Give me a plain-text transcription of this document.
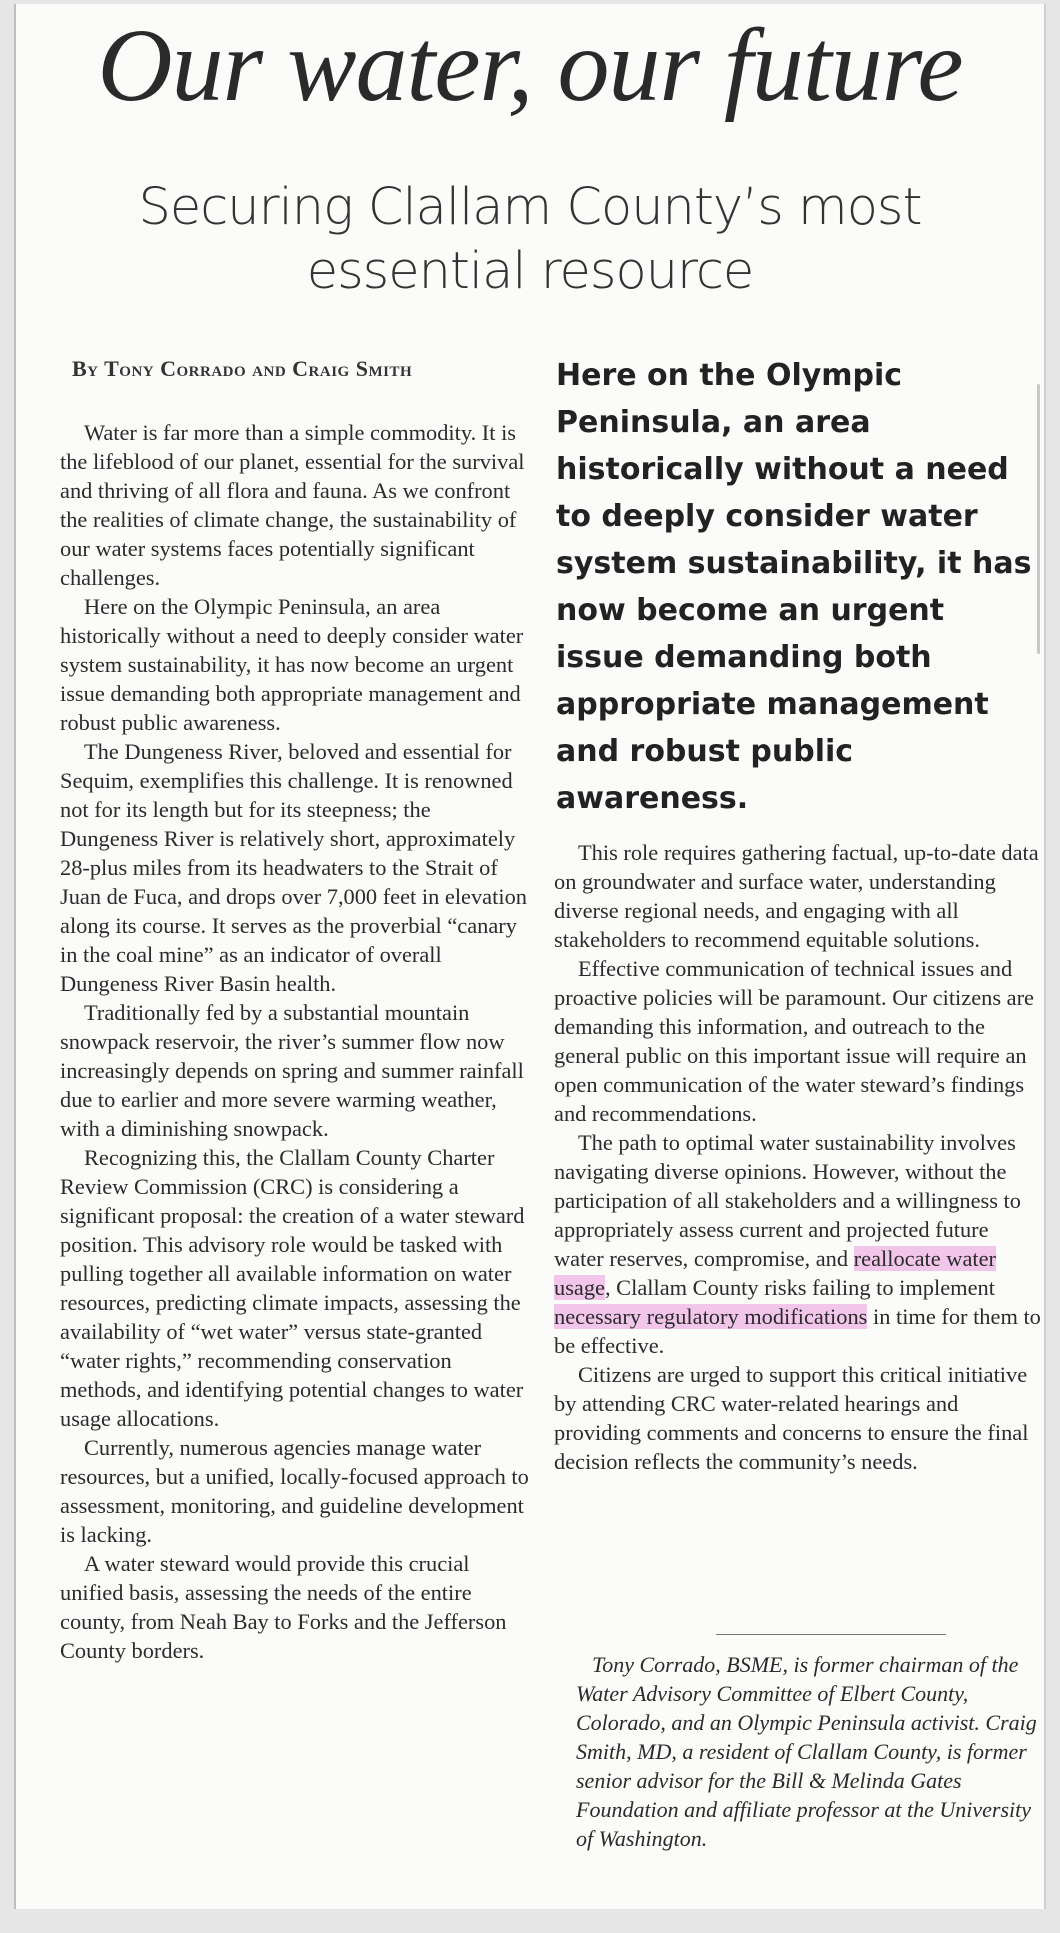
Our water, our future
Securing Clallam County’s most essential resource
By Tony Corrado and Craig Smith

Water is far more than a simple commodity. It is the lifeblood of our planet, essential for the survival and thriving of all flora and fauna. As we confront the realities of climate change, the sustainability of our water systems faces potentially significant challenges.

Here on the Olympic Peninsula, an area historically without a need to deeply consider water system sustainability, it has now become an urgent issue demanding both appropriate management and robust public awareness.

The Dungeness River, beloved and essential for Sequim, exemplifies this challenge. It is renowned not for its length but for its steepness; the Dungeness River is relatively short, approximately 28-plus miles from its headwaters to the Strait of Juan de Fuca, and drops over 7,000 feet in elevation along its course. It serves as the proverbial “canary in the coal mine” as an indicator of overall Dungeness River Basin health.

Traditionally fed by a substantial mountain snowpack reservoir, the river’s summer flow now increasingly depends on spring and summer rainfall due to earlier and more severe warming weather, with a diminishing snowpack.

Recognizing this, the Clallam County Charter Review Commission (CRC) is considering a significant proposal: the creation of a water steward position. This advisory role would be tasked with pulling together all available information on water resources, predicting climate impacts, assessing the availability of “wet water” versus state-granted “water rights,” recommending conservation methods, and identifying potential changes to water usage allocations.

Currently, numerous agencies manage water resources, but a unified, locally-focused approach to assessment, monitoring, and guideline development is lacking.

A water steward would provide this crucial unified basis, assessing the needs of the entire county, from Neah Bay to Forks and the Jefferson County borders.

Here on the Olympic Peninsula, an area historically without a need to deeply consider water system sustainability, it has now become an urgent issue demanding both appropriate management and robust public awareness.

This role requires gathering factual, up-to-date data on groundwater and surface water, understanding diverse regional needs, and engaging with all stakeholders to recommend equitable solutions.

Effective communication of technical issues and proactive policies will be paramount. Our citizens are demanding this information, and outreach to the general public on this important issue will require an open communication of the water steward’s findings and recommendations.

The path to optimal water sustainability involves navigating diverse opinions. However, without the participation of all stakeholders and a willingness to appropriately assess current and projected future water reserves, compromise, and reallocate water usage, Clallam County risks failing to implement necessary regulatory modifications in time for them to be effective.

Citizens are urged to support this critical initiative by attending CRC water-related hearings and providing comments and concerns to ensure the final decision reflects the community’s needs.

Tony Corrado, BSME, is former chairman of the Water Advisory Committee of Elbert County, Colorado, and an Olympic Peninsula activist. Craig Smith, MD, a resident of Clallam County, is former senior advisor for the Bill & Melinda Gates Foundation and affiliate professor at the University of Washington.
